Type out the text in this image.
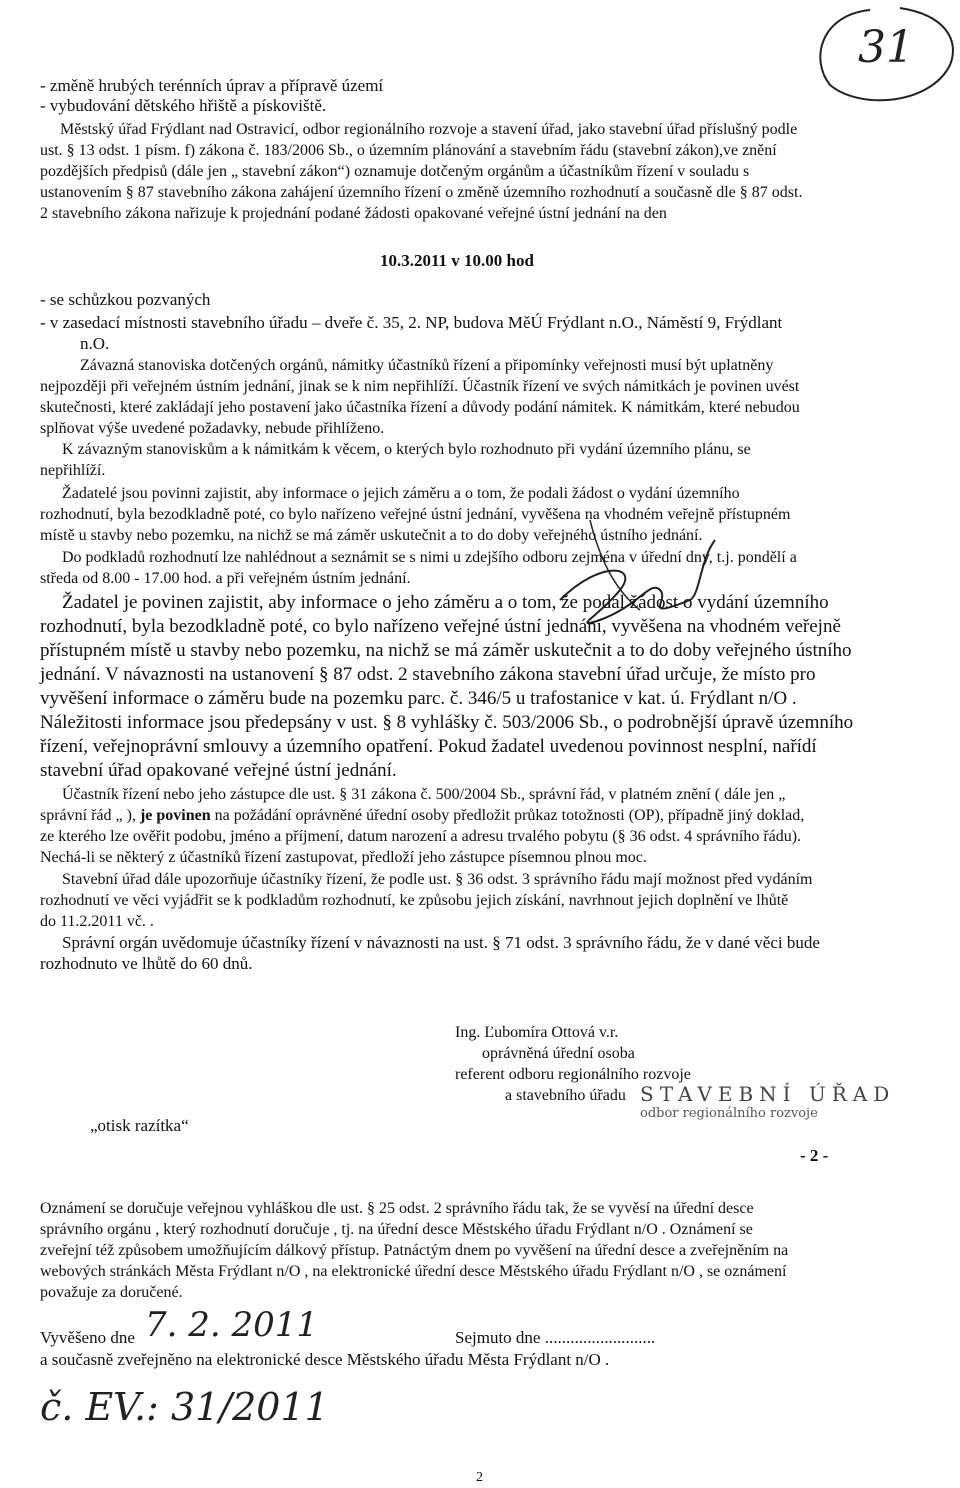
31
- změně hrubých terénních úprav a přípravě území
- vybudování dětského hřiště a pískoviště.
Městský úřad Frýdlant nad Ostravicí, odbor regionálního rozvoje a stavení úřad, jako stavební úřad příslušný podle
ust. § 13 odst. 1 písm. f) zákona č. 183/2006 Sb., o územním plánování a stavebním řádu (stavební zákon),ve znění
pozdějších předpisů (dále jen „ stavební zákon“) oznamuje dotčeným orgánům a účastníkům řízení v souladu s
ustanovením § 87 stavebního zákona zahájení územního řízení o změně územního rozhodnutí a současně dle § 87 odst.
2 stavebního zákona nařizuje k projednání podané žádosti opakované veřejné ústní jednání na den
10.3.2011 v 10.00 hod
- se schůzkou pozvaných
- v zasedací místnosti stavebního úřadu – dveře č. 35, 2. NP, budova MěÚ Frýdlant n.O., Náměstí 9, Frýdlant
n.O.
Závazná stanoviska dotčených orgánů, námitky účastníků řízení a připomínky veřejnosti musí být uplatněny
nejpozději při veřejném ústním jednání, jinak se k nim nepřihlíží. Účastník řízení ve svých námitkách je povinen uvést
skutečnosti, které zakládají jeho postavení jako účastníka řízení a důvody podání námitek. K námitkám, které nebudou
splňovat výše uvedené požadavky, nebude přihlíženo.
K závazným stanoviskům a k námitkám k věcem, o kterých bylo rozhodnuto při vydání územního plánu, se
nepřihlíží.
Žadatelé jsou povinni zajistit, aby informace o jejich záměru a o tom, že podali žádost o vydání územního
rozhodnutí, byla bezodkladně poté, co bylo nařízeno veřejné ústní jednání, vyvěšena na vhodném veřejně přístupném
místě u stavby nebo pozemku, na nichž se má záměr uskutečnit a to do doby veřejného ústního jednání.
Do podkladů rozhodnutí lze nahlédnout a seznámit se s nimi u zdejšího odboru zejména v úřední dny, t.j. pondělí a
středa od 8.00 - 17.00 hod. a při veřejném ústním jednání.
Žadatel je povinen zajistit, aby informace o jeho záměru a o tom, že podal žádost o vydání územního
rozhodnutí, byla bezodkladně poté, co bylo nařízeno veřejné ústní jednání, vyvěšena na vhodném veřejně
přístupném místě u stavby nebo pozemku, na nichž se má záměr uskutečnit a to do doby veřejného ústního
jednání. V návaznosti na ustanovení § 87 odst. 2 stavebního zákona stavební úřad určuje, že místo pro
vyvěšení informace o záměru bude na pozemku parc. č. 346/5 u trafostanice v kat. ú. Frýdlant n/O .
Náležitosti informace jsou předepsány v ust. § 8 vyhlášky č. 503/2006 Sb., o podrobnější úpravě územního
řízení, veřejnoprávní smlouvy a územního opatření. Pokud žadatel uvedenou povinnost nesplní, nařídí
stavební úřad opakované veřejné ústní jednání.
Účastník řízení nebo jeho zástupce dle ust. § 31 zákona č. 500/2004 Sb., správní řád, v platném znění ( dále jen „
správní řád „ ), je povinen na požádání oprávněné úřední osoby předložit průkaz totožnosti (OP), případně jiný doklad,
ze kterého lze ověřit podobu, jméno a příjmení, datum narození a adresu trvalého pobytu (§ 36 odst. 4 správního řádu).
Nechá-li se některý z účastníků řízení zastupovat, předloží jeho zástupce písemnou plnou moc.
Stavební úřad dále upozorňuje účastníky řízení, že podle ust. § 36 odst. 3 správního řádu mají možnost před vydáním
rozhodnutí ve věci vyjádřit se k podkladům rozhodnutí, ke způsobu jejich získání, navrhnout jejich doplnění ve lhůtě
do 11.2.2011 vč. .
Správní orgán uvědomuje účastníky řízení v návaznosti na ust. § 71 odst. 3 správního řádu, že v dané věci bude
rozhodnuto ve lhůtě do 60 dnů.
Ing. Ľubomíra Ottová v.r.
oprávněná úřední osoba
referent odboru regionálního rozvoje
a stavebního úřadu
„otisk razítka“
STAVEBNÍ ÚŘAD
odbor regionálního rozvoje
- 2 -
Oznámení se doručuje veřejnou vyhláškou dle ust. § 25 odst. 2 správního řádu tak, že se vyvěsí na úřední desce
správního orgánu , který rozhodnutí doručuje , tj. na úřední desce Městského úřadu Frýdlant n/O . Oznámení se
zveřejní též způsobem umožňujícím dálkový přístup. Patnáctým dnem po vyvěšení na úřední desce a zveřejněním na
webových stránkách Města Frýdlant n/O , na elektronické úřední desce Městského úřadu Frýdlant n/O , se oznámení
považuje za doručené.
Vyvěšeno dne 7. 2. 2011	Sejmuto dne ..........................
a současně zveřejněno na elektronické desce Městského úřadu Města Frýdlant n/O .
č. EV.: 31/2011
2
